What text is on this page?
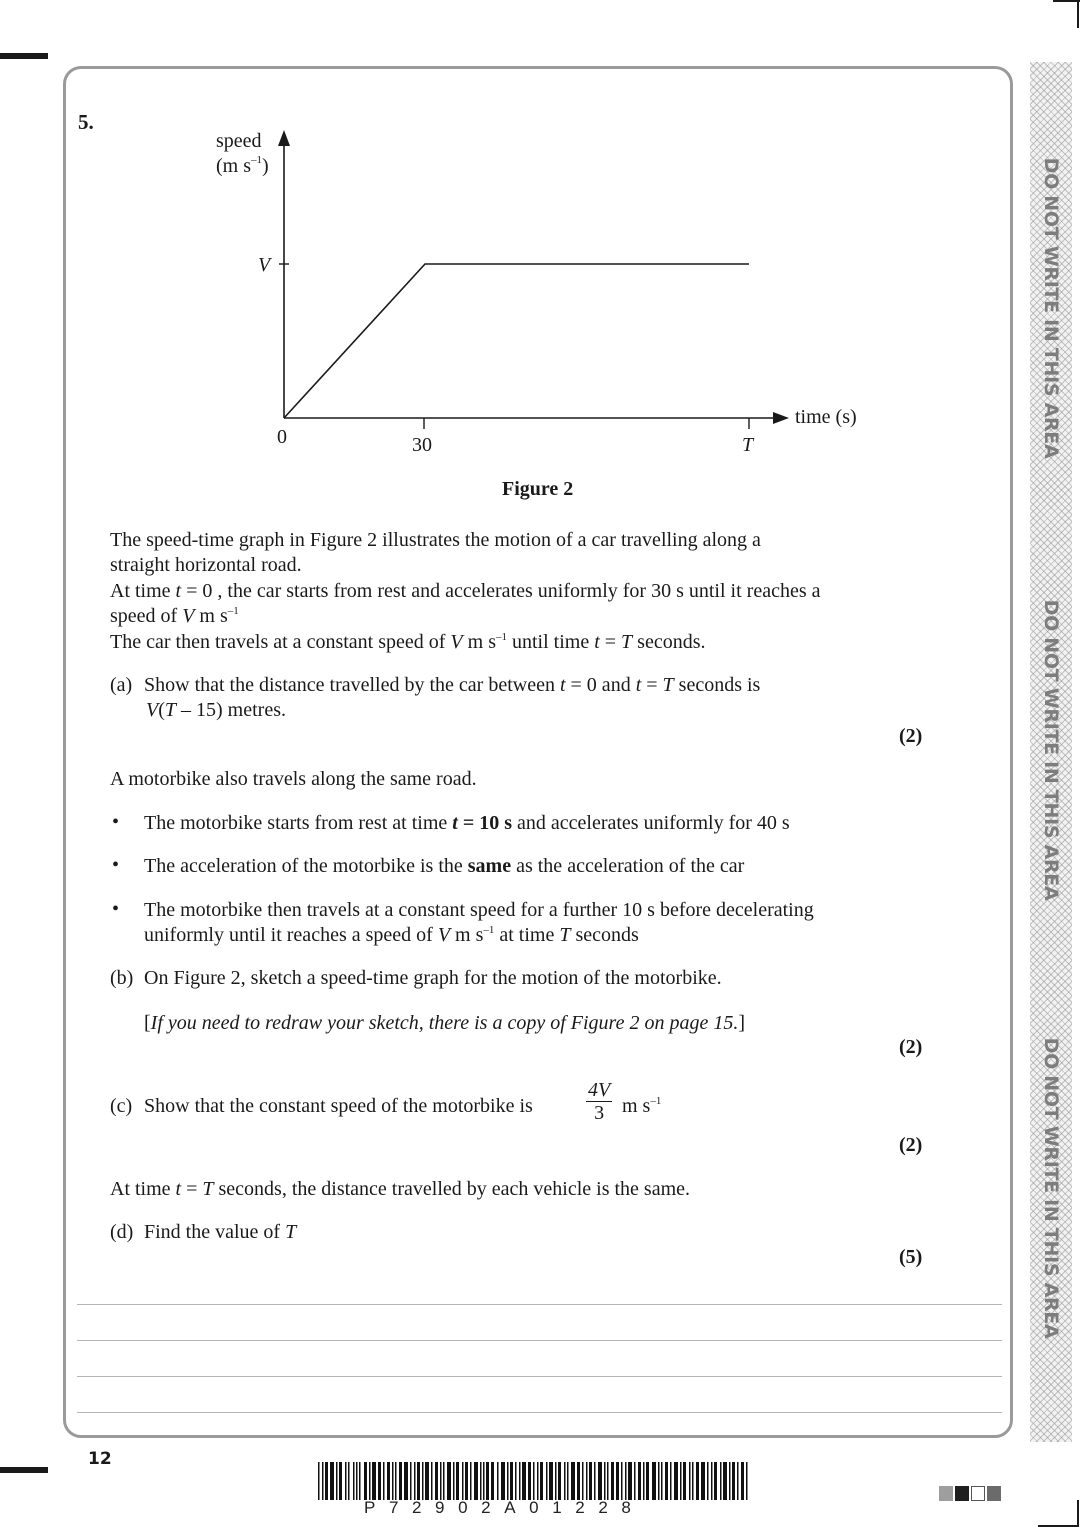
DO NOT WRITE IN THIS AREA
DO NOT WRITE IN THIS AREA
DO NOT WRITE IN THIS AREA
5.
speed
(m $s^{-1}$)
V
0	30	T
time (s)
Figure 2
The speed-time graph in Figure 2 illustrates the motion of a car travelling along a
straight horizontal road.
At time t = 0 , the car starts from rest and accelerates uniformly for 30 s until it reaches a
speed of V m $s^{-1}$
The car then travels at a constant speed of V m $s^{-1}$ until time t = T seconds.
(a) Show that the distance travelled by the car between t = 0 and t = T seconds is
V(T – 15) metres.
(2)
A motorbike also travels along the same road.
• The motorbike starts from rest at time t = 10 s and accelerates uniformly for 40 s
• The acceleration of the motorbike is the same as the acceleration of the car
• The motorbike then travels at a constant speed for a further 10 s before decelerating
uniformly until it reaches a speed of V m $s^{-1}$ at time T seconds
(b) On Figure 2, sketch a speed-time graph for the motion of the motorbike.
[If you need to redraw your sketch, there is a copy of Figure 2 on page 15.]
(2)
(c) Show that the constant speed of the motorbike is	$\frac{4V}{3}$ m $s^{-1}$
(2)
At time t = T seconds, the distance travelled by each vehicle is the same.
(d) Find the value of T
(5)
12
P72902A01228
